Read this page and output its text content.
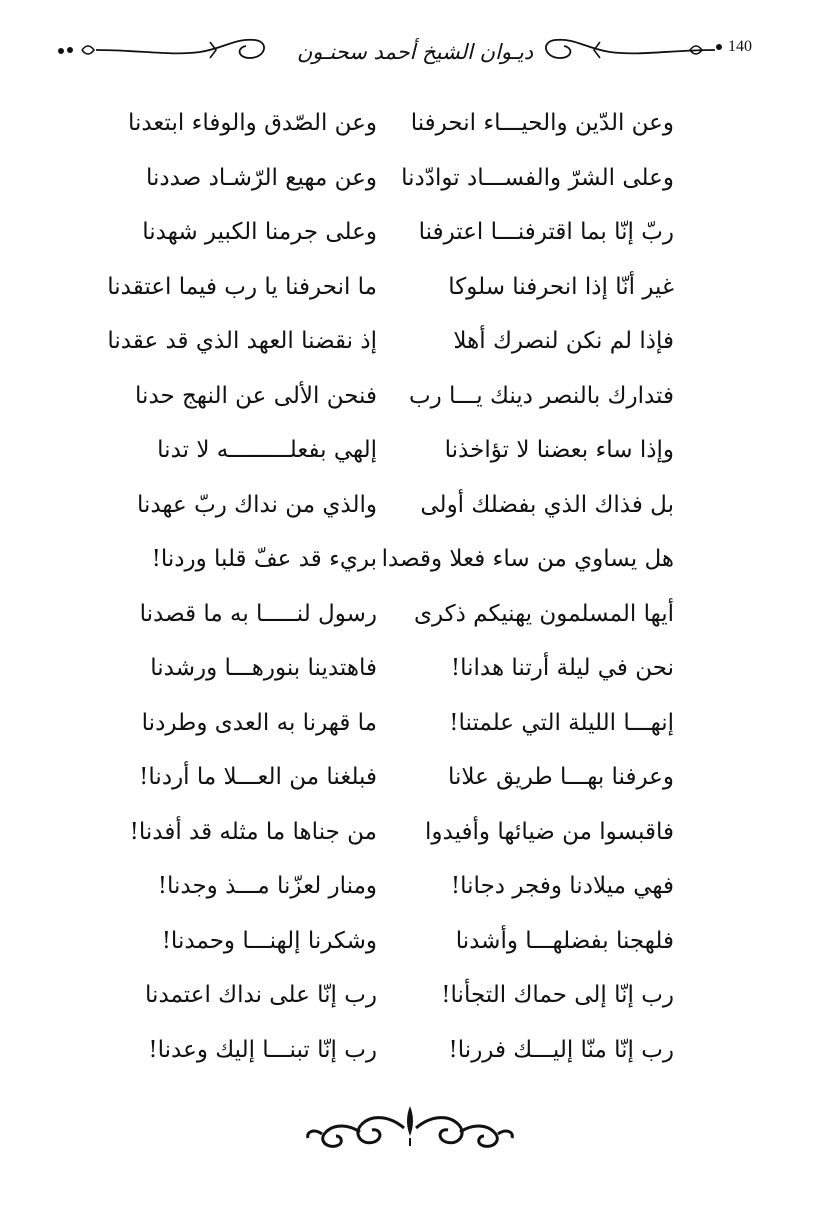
ديـوان الشيخ أحمد سحنـون	140
وعن الدّين والحيـــاء انحرفنا
وعن الصّدق والوفاء ابتعدنا
وعلى الشرّ والفســـاد توادّدنا
وعن مهيع الرّشـاد صددنا
ربّ إنّا بما اقترفنـــا اعترفنا
وعلى جرمنا الكبير شهدنا
غير أنّا إذا انحرفنا سلوكا
ما انحرفنا يا رب فيما اعتقدنا
فإذا لم نكن لنصرك أهلا
إذ نقضنا العهد الذي قد عقدنا
فتدارك بالنصر دينك يـــا رب
فنحن الألى عن النهج حدنا
وإذا ساء بعضنا لا تؤاخذنا
إلهي بفعلـــــــــه لا تدنا
بل فذاك الذي بفضلك أولى
والذي من نداك ربّ عهدنا
هل يساوي من ساء فعلا وقصدا
بريء قد عفّ قلبا وردنا!
أيها المسلمون يهنيكم ذكرى
رسول لنـــــا به ما قصدنا
نحن في ليلة أرتنا هدانا!
فاهتدينا بنورهـــا ورشدنا
إنهـــا الليلة التي علمتنا!
ما قهرنا به العدى وطردنا
وعرفنا بهـــا طريق علانا
فبلغنا من العـــلا ما أردنا!
فاقبسوا من ضيائها وأفيدوا
من جناها ما مثله قد أفدنا!
فهي ميلادنا وفجر دجانا!
ومنار لعزّنا مـــذ وجدنا!
فلهجنا بفضلهـــا وأشدنا
وشكرنا إلهنـــا وحمدنا!
رب إنّا إلى حماك التجأنا!
رب إنّا على نداك اعتمدنا
رب إنّا منّا إليـــك فررنا!
رب إنّا تبنـــا إليك وعدنا!
